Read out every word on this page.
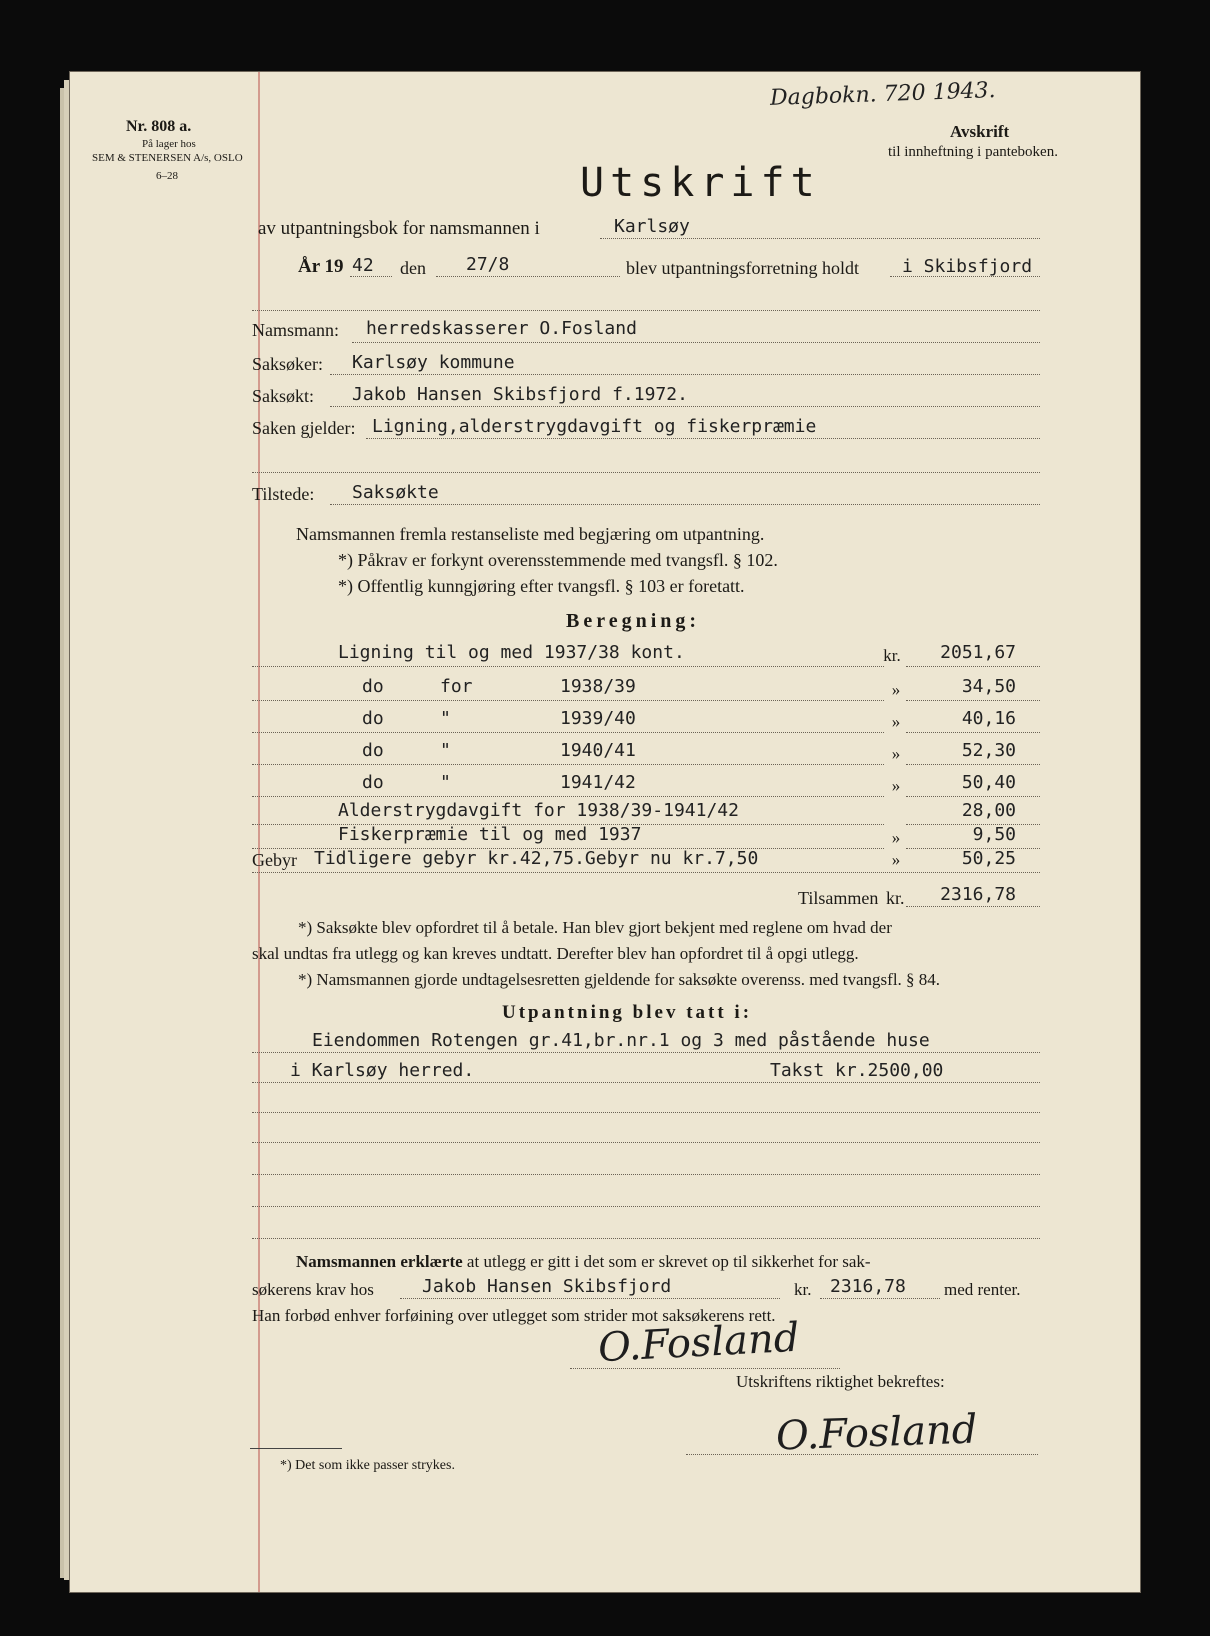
Nr. 808 a.
På lager hos
SEM & STENERSEN A/s, OSLO
6–28
Dagbokn. 720 1943.
Avskrift
til innheftning i panteboken.
Utskrift
av utpantningsbok for namsmannen i	Karlsøy
År 19 42 den 27/8	blev utpantningsforretning holdt i Skibsfjord
Namsmann: herredskasserer O.Fosland
Saksøker: Karlsøy kommune
Saksøkt: Jakob Hansen Skibsfjord f.1972.
Saken gjelder: Ligning,alderstrygdavgift og fiskerpræmie
Tilstede: Saksøkte
Namsmannen fremla restanseliste med begjæring om utpantning.
*) Påkrav er forkynt overensstemmende med tvangsfl. § 102.
*) Offentlig kunngjøring efter tvangsfl. § 103 er foretatt.
Beregning:
Ligning til og med 1937/38 kont.	kr.	2051,67
do	for	1938/39	»	34,50
do	"	1939/40	»	40,16
do	"	1940/41	»	52,30
do	"	1941/42	»	50,40
Alderstrygdavgift for 1938/39-1941/42	28,00
Fiskerpræmie til og med 1937	»	9,50
Gebyr Tidligere gebyr kr.42,75.Gebyr nu kr.7,50	»	50,25
Tilsammen kr.	2316,78
*) Saksøkte blev opfordret til å betale. Han blev gjort bekjent med reglene om hvad der
skal undtas fra utlegg og kan kreves undtatt. Derefter blev han opfordret til å opgi utlegg.
*) Namsmannen gjorde undtagelsesretten gjeldende for saksøkte overenss. med tvangsfl. § 84.
Utpantning blev tatt i:
Eiendommen Rotengen gr.41,br.nr.1 og 3 med påstående huse
i Karlsøy herred.	Takst kr.2500,00
Namsmannen erklærte at utlegg er gitt i det som er skrevet op til sikkerhet for sak-
søkerens krav hos	Jakob Hansen Skibsfjord	kr. 2316,78 med renter.
Han forbød enhver forføining over utlegget som strider mot saksøkerens rett.
O.Fosland
Utskriftens riktighet bekreftes:
O.Fosland
*) Det som ikke passer strykes.
